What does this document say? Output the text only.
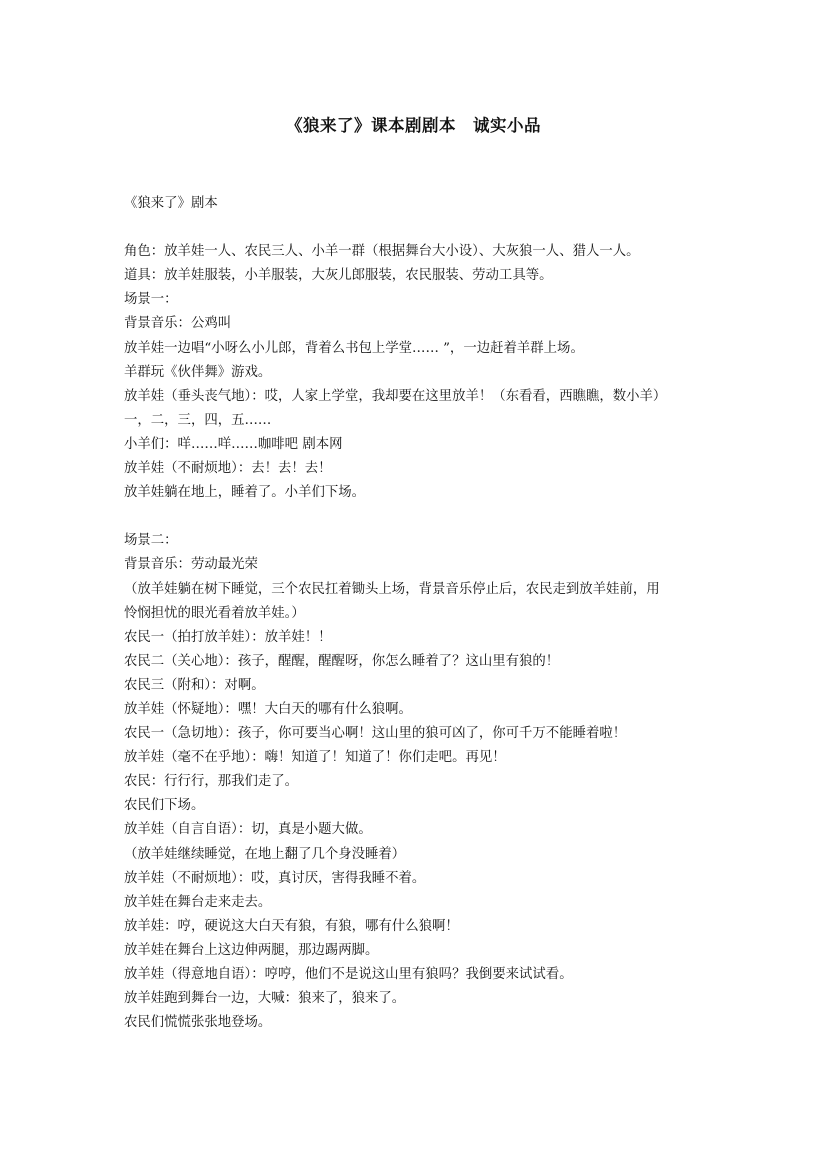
《狼来了》课本剧剧本　诚实小品
《狼来了》剧本
角色：放羊娃一人、农民三人、小羊一群（根据舞台大小设）、大灰狼一人、猎人一人。
道具：放羊娃服装，小羊服装，大灰儿郎服装，农民服装、劳动工具等。
场景一：
背景音乐：公鸡叫
放羊娃一边唱“小呀么小儿郎，背着么书包上学堂…… ”，一边赶着羊群上场。
羊群玩《伙伴舞》游戏。
放羊娃（垂头丧气地）：哎，人家上学堂，我却要在这里放羊！（东看看，西瞧瞧，数小羊）
一，二，三，四，五……
小羊们：咩……咩……咖啡吧 剧本网
放羊娃（不耐烦地）：去！去！去！
放羊娃躺在地上，睡着了。小羊们下场。
场景二：
背景音乐：劳动最光荣
（放羊娃躺在树下睡觉，三个农民扛着锄头上场，背景音乐停止后，农民走到放羊娃前，用
怜悯担忧的眼光看着放羊娃。）
农民一（拍打放羊娃）：放羊娃！！
农民二（关心地）：孩子，醒醒，醒醒呀，你怎么睡着了？这山里有狼的！
农民三（附和）：对啊。
放羊娃（怀疑地）：嘿！大白天的哪有什么狼啊。
农民一（急切地）：孩子，你可要当心啊！这山里的狼可凶了，你可千万不能睡着啦！
放羊娃（毫不在乎地）：嗨！知道了！知道了！你们走吧。再见！
农民：行行行，那我们走了。
农民们下场。
放羊娃（自言自语）：切，真是小题大做。
（放羊娃继续睡觉，在地上翻了几个身没睡着）
放羊娃（不耐烦地）：哎，真讨厌，害得我睡不着。
放羊娃在舞台走来走去。
放羊娃：哼，硬说这大白天有狼，有狼，哪有什么狼啊！
放羊娃在舞台上这边伸两腿，那边踢两脚。
放羊娃（得意地自语）：哼哼，他们不是说这山里有狼吗？我倒要来试试看。
放羊娃跑到舞台一边，大喊：狼来了，狼来了。
农民们慌慌张张地登场。
